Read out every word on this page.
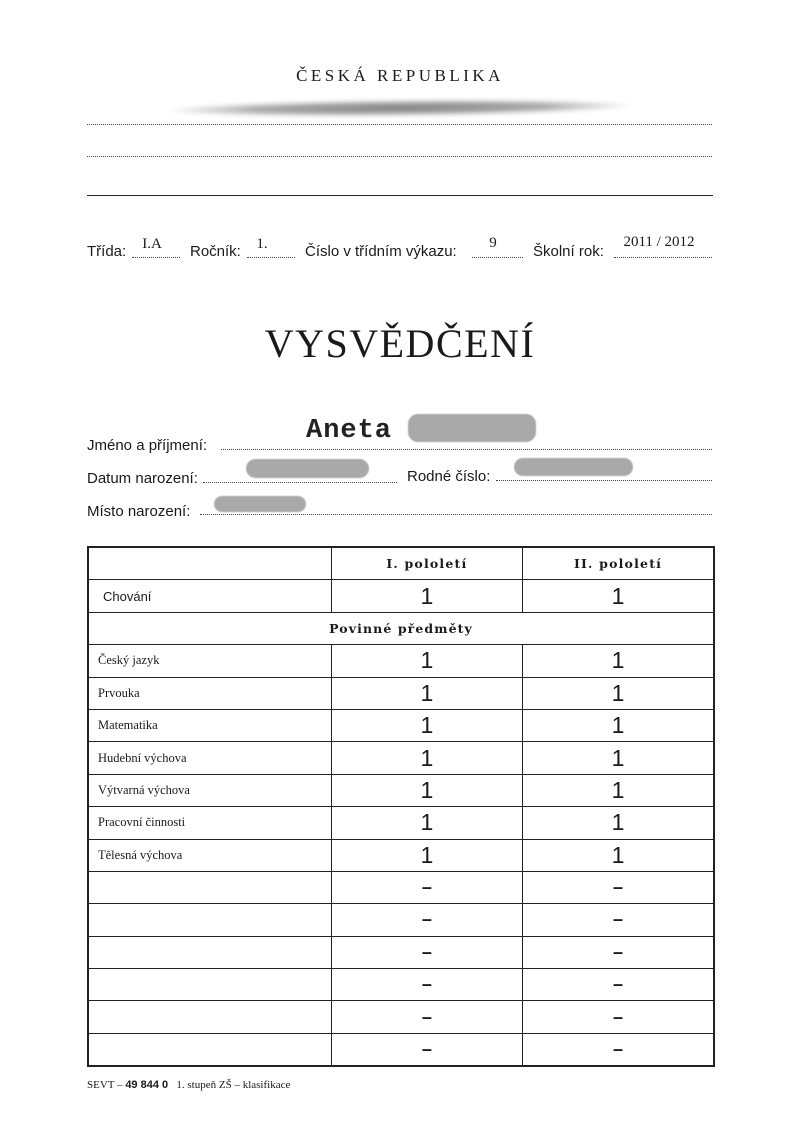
ČESKÁ REPUBLIKA
Třída:	I.A	Ročník:	1.	Číslo v třídním výkazu:	9	Školní rok:
2011 / 2012
VYSVĚDČENÍ
Jméno a příjmení:	Aneta
Datum narození:	Rodné číslo:
Místo narození:
	I. pololetí	II. pololetí
Chování	1	1
Povinné předměty		
Český jazyk	1	1
Prvouka	1	1
Matematika	1	1
Hudební výchova	1	1
Výtvarná výchova	1	1
Pracovní činnosti	1	1
Tělesná výchova	1	1
	–	–
	–	–
	–	–
	–	–
	–	–
	–	–
SEVT – 49 844 0 1. stupeň ZŠ – klasifikace
